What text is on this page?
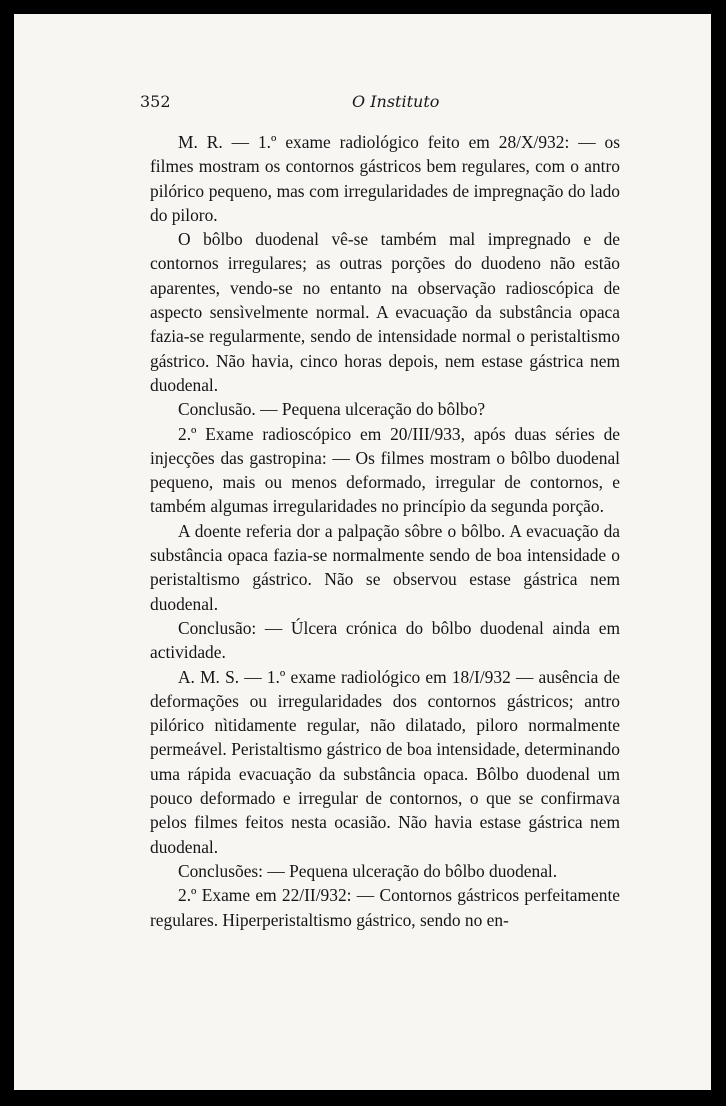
352	O Instituto

M. R. — 1.º exame radiológico feito em 28/X/932: — os filmes mostram os contornos gástricos bem regulares, com o antro pilórico pequeno, mas com irregularidades de impregnação do lado do piloro.

O bôlbo duodenal vê-se também mal impregnado e de contornos irregulares; as outras porções do duodeno não estão aparentes, vendo-se no entanto na observação radioscópica de aspecto sensìvelmente normal. A evacuação da substância opaca fazia-se regularmente, sendo de intensidade normal o peristaltismo gástrico. Não havia, cinco horas depois, nem estase gástrica nem duodenal.

Conclusão. — Pequena ulceração do bôlbo?

2.º Exame radioscópico em 20/III/933, após duas séries de injecções das gastropina: — Os filmes mostram o bôlbo duodenal pequeno, mais ou menos deformado, irregular de contornos, e também algumas irregularidades no princípio da segunda porção.

A doente referia dor a palpação sôbre o bôlbo. A evacuação da substância opaca fazia-se normalmente sendo de boa intensidade o peristaltismo gástrico. Não se observou estase gástrica nem duodenal.

Conclusão: — Úlcera crónica do bôlbo duodenal ainda em actividade.

A. M. S. — 1.º exame radiológico em 18/I/932 — ausência de deformações ou irregularidades dos contornos gástricos; antro pilórico nìtidamente regular, não dilatado, piloro normalmente permeável. Peristaltismo gástrico de boa intensidade, determinando uma rápida evacuação da substância opaca. Bôlbo duodenal um pouco deformado e irregular de contornos, o que se confirmava pelos filmes feitos nesta ocasião. Não havia estase gástrica nem duodenal.

Conclusões: — Pequena ulceração do bôlbo duodenal.

2.º Exame em 22/II/932: — Contornos gástricos perfeitamente regulares. Hiperperistaltismo gástrico, sendo no en-
